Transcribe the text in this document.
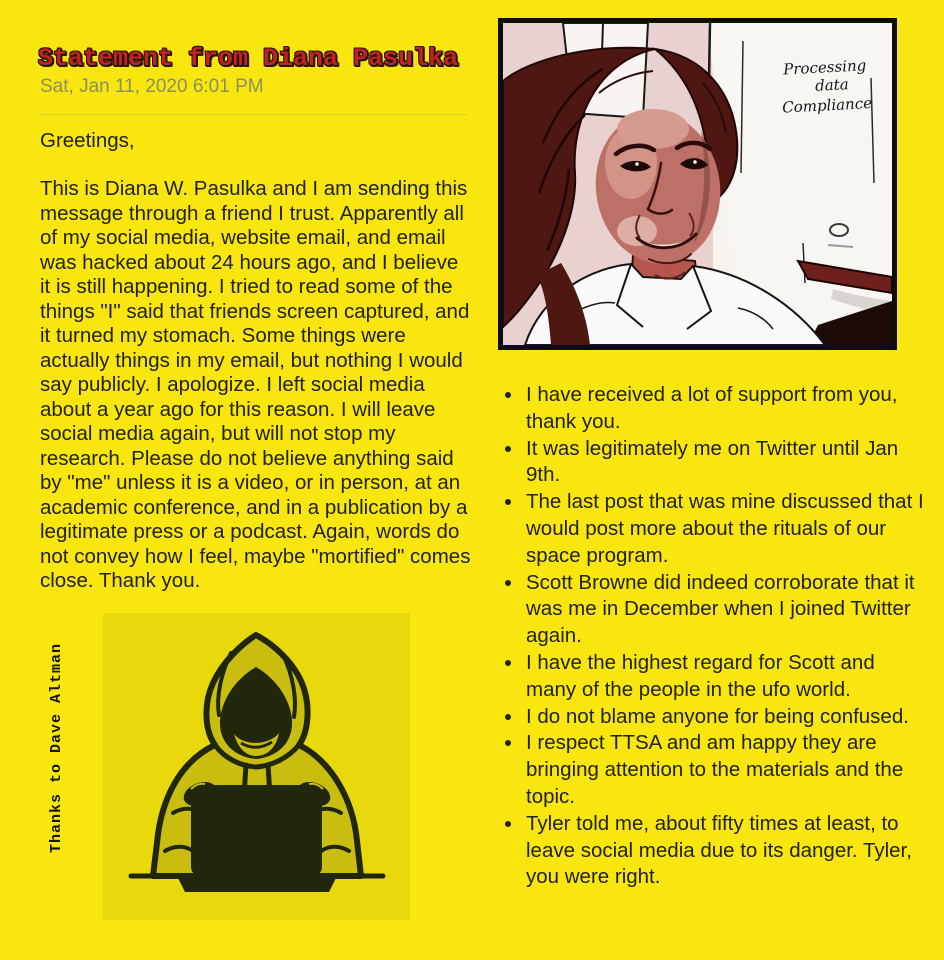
Statement from Diana Pasulka
Sat, Jan 11, 2020 6:01 PM

Greetings,

This is Diana W. Pasulka and I am sending this message through a friend I trust. Apparently all of my social media, website email, and email was hacked about 24 hours ago, and I believe it is still happening. I tried to read some of the things "I" said that friends screen captured, and it turned my stomach. Some things were actually things in my email, but nothing I would say publicly. I apologize. I left social media about a year ago for this reason. I will leave social media again, but will not stop my research. Please do not believe anything said by "me" unless it is a video, or in person, at an academic conference, and in a publication by a legitimate press or a podcast. Again, words do not convey how I feel, maybe "mortified" comes close. Thank you.

Thanks to Dave Altman
Processing
data
Compliance
• I have received a lot of support from you, thank you.
• It was legitimately me on Twitter until Jan 9th.
• The last post that was mine discussed that I would post more about the rituals of our space program.
• Scott Browne did indeed corroborate that it was me in December when I joined Twitter again.
• I have the highest regard for Scott and many of the people in the ufo world.
• I do not blame anyone for being confused.
• I respect TTSA and am happy they are bringing attention to the materials and the topic.
• Tyler told me, about fifty times at least, to leave social media due to its danger. Tyler, you were right.
